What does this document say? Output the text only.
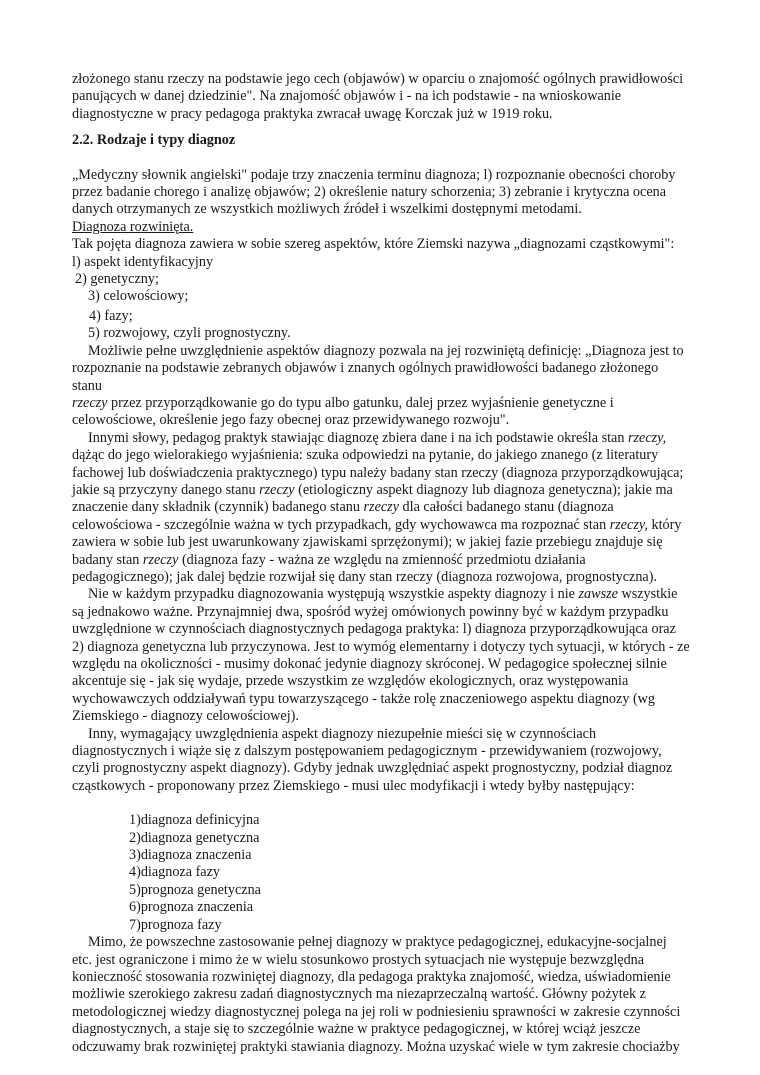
złożonego stanu rzeczy na podstawie jego cech (objawów) w oparciu o znajomość ogólnych prawidłowości panujących w danej dziedzinie". Na znajomość objawów i - na ich podstawie - na wnioskowanie diagnostyczne w pracy pedagoga praktyka zwracał uwagę Korczak już w 1919 roku.

2.2. Rodzaje i typy diagnoz

„Medyczny słownik angielski" podaje trzy znaczenia terminu diagnoza; l) rozpoznanie obecności choroby przez badanie chorego i analizę objawów; 2) określenie natury schorzenia; 3) zebranie i krytyczna ocena danych otrzymanych ze wszystkich możliwych źródeł i wszelkimi dostępnymi metodami.

Diagnoza rozwinięta.

Tak pojęta diagnoza zawiera w sobie szereg aspektów, które Ziemski nazywa „diagnozami cząstkowymi":

l) aspekt identyfikacyjny

2) genetyczny;

3) celowościowy;

4) fazy;

5) rozwojowy, czyli prognostyczny.

Możliwie pełne uwzględnienie aspektów diagnozy pozwala na jej rozwiniętą definicję: „Diagnoza jest to rozpoznanie na podstawie zebranych objawów i znanych ogólnych prawidłowości badanego złożonego stanu
rzeczy przez przyporządkowanie go do typu albo gatunku, dalej przez wyjaśnienie genetyczne i celowościowe, określenie jego fazy obecnej oraz przewidywanego rozwoju".

Innymi słowy, pedagog praktyk stawiając diagnozę zbiera dane i na ich podstawie określa stan rzeczy, dążąc do jego wielorakiego wyjaśnienia: szuka odpowiedzi na pytanie, do jakiego znanego (z literatury fachowej lub doświadczenia praktycznego) typu należy badany stan rzeczy (diagnoza przyporządkowująca; jakie są przyczyny danego stanu rzeczy (etiologiczny aspekt diagnozy lub diagnoza genetyczna); jakie ma znaczenie dany składnik (czynnik) badanego stanu rzeczy dla całości badanego stanu (diagnoza celowościowa - szczególnie ważna w tych przypadkach, gdy wychowawca ma rozpoznać stan rzeczy, który zawiera w sobie lub jest uwarunkowany zjawiskami sprzężonymi); w jakiej fazie przebiegu znajduje się badany stan rzeczy (diagnoza fazy - ważna ze względu na zmienność przedmiotu działania pedagogicznego); jak dalej będzie rozwijał się dany stan rzeczy (diagnoza rozwojowa, prognostyczna).

Nie w każdym przypadku diagnozowania występują wszystkie aspekty diagnozy i nie zawsze wszystkie są jednakowo ważne. Przynajmniej dwa, spośród wyżej omówionych powinny być w każdym przypadku uwzględnione w czynnościach diagnostycznych pedagoga praktyka: l) diagnoza przyporządkowująca oraz 2) diagnoza genetyczna lub przyczynowa. Jest to wymóg elementarny i dotyczy tych sytuacji, w których - ze względu na okoliczności - musimy dokonać jedynie diagnozy skróconej. W pedagogice społecznej silnie akcentuje się - jak się wydaje, przede wszystkim ze względów ekologicznych, oraz występowania wychowawczych oddziaływań typu towarzyszącego - także rolę znaczeniowego aspektu diagnozy (wg Ziemskiego - diagnozy celowościowej).

Inny, wymagający uwzględnienia aspekt diagnozy niezupełnie mieści się w czynnościach diagnostycznych i wiąże się z dalszym postępowaniem pedagogicznym - przewidywaniem (rozwojowy, czyli prognostyczny aspekt diagnozy). Gdyby jednak uwzględniać aspekt prognostyczny, podział diagnoz cząstkowych - proponowany przez Ziemskiego - musi ulec modyfikacji i wtedy byłby następujący:

1)diagnoza definicyjna
2)diagnoza genetyczna
3)diagnoza znaczenia
4)diagnoza fazy
5)prognoza genetyczna
6)prognoza znaczenia
7)prognoza fazy

Mimo, że powszechne zastosowanie pełnej diagnozy w praktyce pedagogicznej, edukacyjne-socjalnej etc. jest ograniczone i mimo że w wielu stosunkowo prostych sytuacjach nie występuje bezwzględna konieczność stosowania rozwiniętej diagnozy, dla pedagoga praktyka znajomość, wiedza, uświadomienie możliwie szerokiego zakresu zadań diagnostycznych ma niezaprzeczalną wartość. Główny pożytek z metodologicznej wiedzy diagnostycznej polega na jej roli w podniesieniu sprawności w zakresie czynności diagnostycznych, a staje się to szczególnie ważne w praktyce pedagogicznej, w której wciąż jeszcze odczuwamy brak rozwiniętej praktyki stawiania diagnozy. Można uzyskać wiele w tym zakresie chociażby
